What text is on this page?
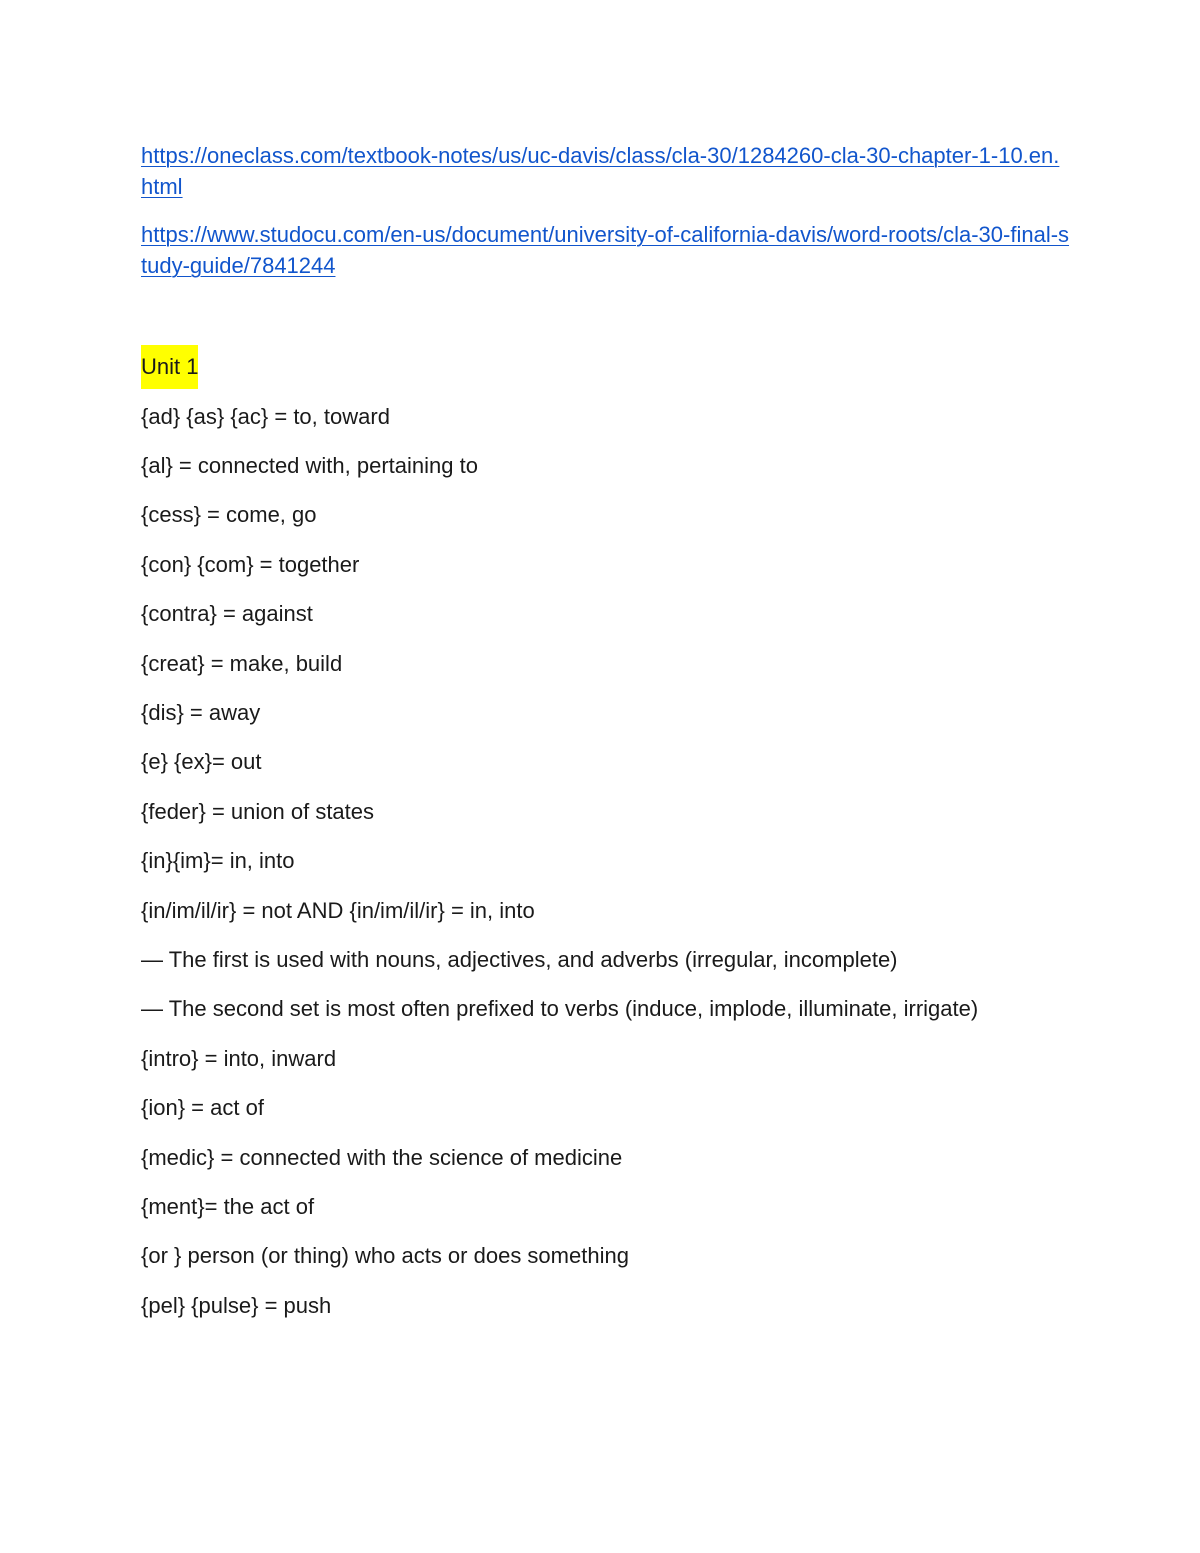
https://oneclass.com/textbook-notes/us/uc-davis/class/cla-30/1284260-cla-30-chapter-1-10.en.html
https://www.studocu.com/en-us/document/university-of-california-davis/word-roots/cla-30-final-study-guide/7841244

Unit 1

{ad} {as} {ac} = to, toward

{al} = connected with, pertaining to

{cess} = come, go

{con} {com} = together

{contra} = against

{creat} = make, build

{dis} = away

{e} {ex}= out

{feder} = union of states

{in}{im}= in, into

{in/im/il/ir} = not AND {in/im/il/ir} = in, into

— The first is used with nouns, adjectives, and adverbs (irregular, incomplete)

— The second set is most often prefixed to verbs (induce, implode, illuminate, irrigate)

{intro} = into, inward

{ion} = act of

{medic} = connected with the science of medicine

{ment}= the act of

{or } person (or thing) who acts or does something

{pel} {pulse} = push
